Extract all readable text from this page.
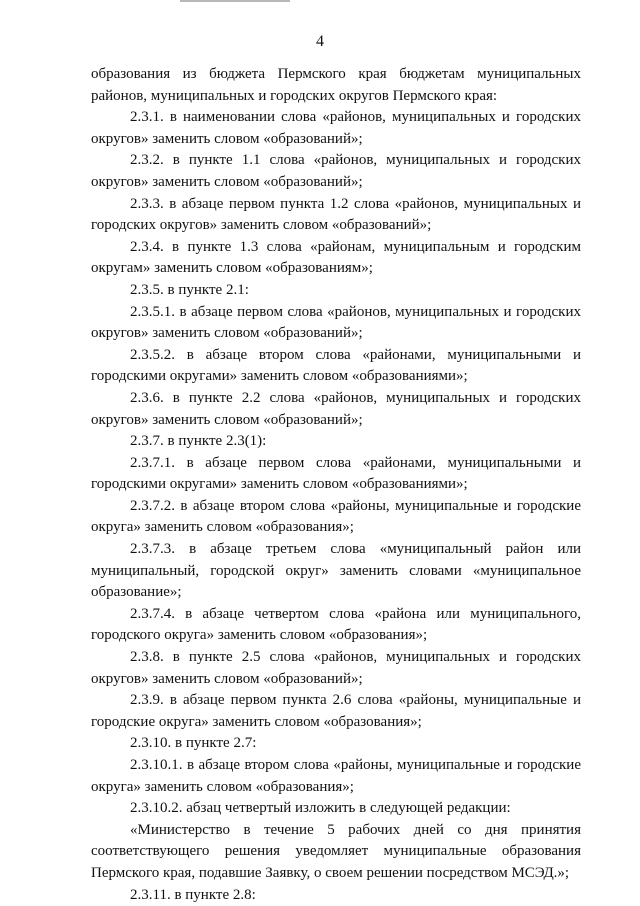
4

образования из бюджета Пермского края бюджетам муниципальных районов, муниципальных и городских округов Пермского края:

2.3.1. в наименовании слова «районов, муниципальных и городских округов» заменить словом «образований»;

2.3.2. в пункте 1.1 слова «районов, муниципальных и городских округов» заменить словом «образований»;

2.3.3. в абзаце первом пункта 1.2 слова «районов, муниципальных и городских округов» заменить словом «образований»;

2.3.4. в пункте 1.3 слова «районам, муниципальным и городским округам» заменить словом «образованиям»;

2.3.5. в пункте 2.1:

2.3.5.1. в абзаце первом слова «районов, муниципальных и городских округов» заменить словом «образований»;

2.3.5.2. в абзаце втором слова «районами, муниципальными и городскими округами» заменить словом «образованиями»;

2.3.6. в пункте 2.2 слова «районов, муниципальных и городских округов» заменить словом «образований»;

2.3.7. в пункте 2.3(1):

2.3.7.1. в абзаце первом слова «районами, муниципальными и городскими округами» заменить словом «образованиями»;

2.3.7.2. в абзаце втором слова «районы, муниципальные и городские округа» заменить словом «образования»;

2.3.7.3. в абзаце третьем слова «муниципальный район или муниципальный, городской округ» заменить словами «муниципальное образование»;

2.3.7.4. в абзаце четвертом слова «района или муниципального, городского округа» заменить словом «образования»;

2.3.8. в пункте 2.5 слова «районов, муниципальных и городских округов» заменить словом «образований»;

2.3.9. в абзаце первом пункта 2.6 слова «районы, муниципальные и городские округа» заменить словом «образования»;

2.3.10. в пункте 2.7:

2.3.10.1. в абзаце втором слова «районы, муниципальные и городские округа» заменить словом «образования»;

2.3.10.2. абзац четвертый изложить в следующей редакции:

«Министерство в течение 5 рабочих дней со дня принятия соответствующего решения уведомляет муниципальные образования Пермского края, подавшие Заявку, о своем решении посредством МСЭД.»;

2.3.11. в пункте 2.8:
